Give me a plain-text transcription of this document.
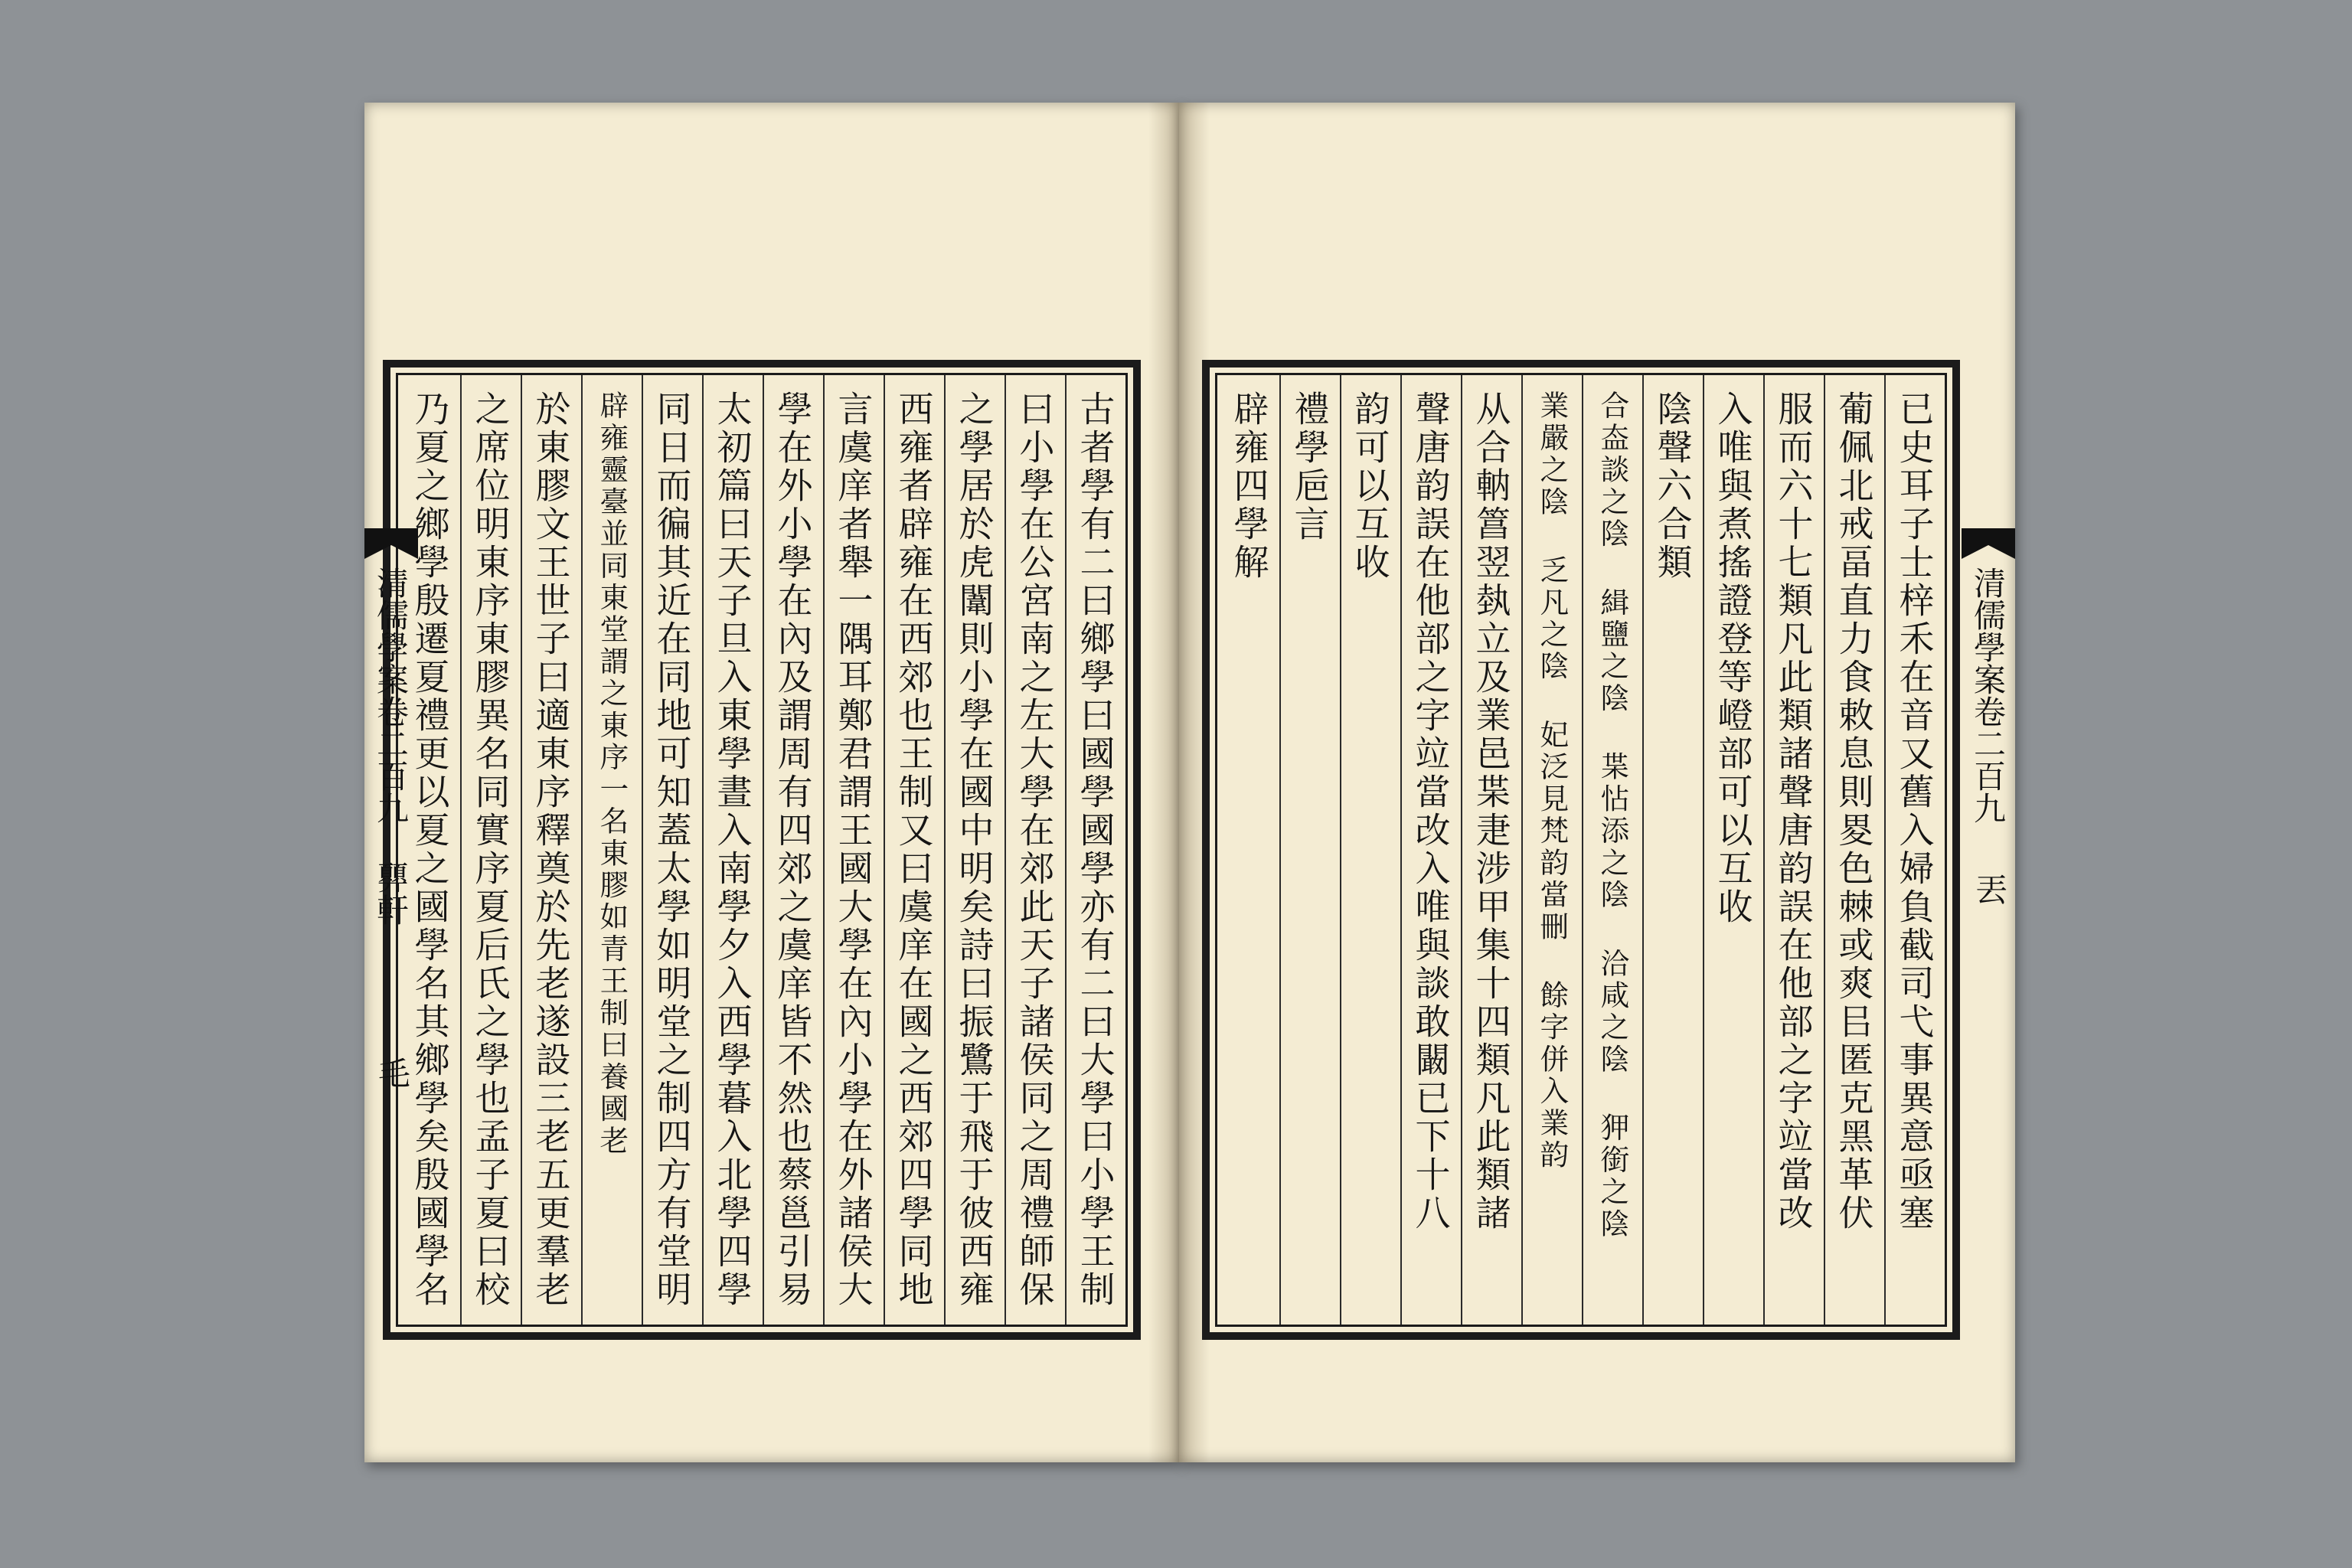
清儒學案卷二百九 顨軒
毛
清儒學案卷二百九
丟
古者學有二曰鄉學曰國學國學亦有二曰大學曰小學王制
曰小學在公宮南之左大學在郊此天子諸侯同之周禮師保
之學居於虎闈則小學在國中明矣詩曰振鷺于飛于彼西雍
西雍者辟雍在西郊也王制又曰虞庠在國之西郊四學同地
言虞庠者舉一隅耳鄭君謂王國大學在內小學在外諸侯大
學在外小學在內及謂周有四郊之虞庠皆不然也蔡邕引易
太初篇曰天子旦入東學晝入南學夕入西學暮入北學四學
同日而徧其近在同地可知蓋太學如明堂之制四方有堂明
辟雍靈臺並同東堂謂之東序一名東膠如青王制曰養國老
於東膠文王世子曰適東序釋奠於先老遂設三老五更羣老
之席位明東序東膠異名同實序夏后氏之學也孟子夏曰校
乃夏之鄉學殷遷夏禮更以夏之國學名其鄉學矣殷國學名	已史耳子士梓禾在音又舊入婦負截司弋事異意亟塞
葡佩北戒畐直力食敕息則畟色棘或爽㠯匿克黑革伏
服而六十七類凡此類諸聲唐韵誤在他部之字竝當改
入唯與煮搖證登等嶝部可以互收
陰聲六合類
合盇談之陰 緝鹽之陰 枼怗添之陰 洽咸之陰 狎銜之陰
業嚴之陰 乏凡之陰 妃泛見梵韵當刪 餘字併入業韵
从合軜䈞翌埶立及業邑枼疌涉甲集十四類凡此類諸
聲唐韵誤在他部之字竝當改入唯與談敢闞已下十八
韵可以互收
禮學巵言
辟雍四學解
